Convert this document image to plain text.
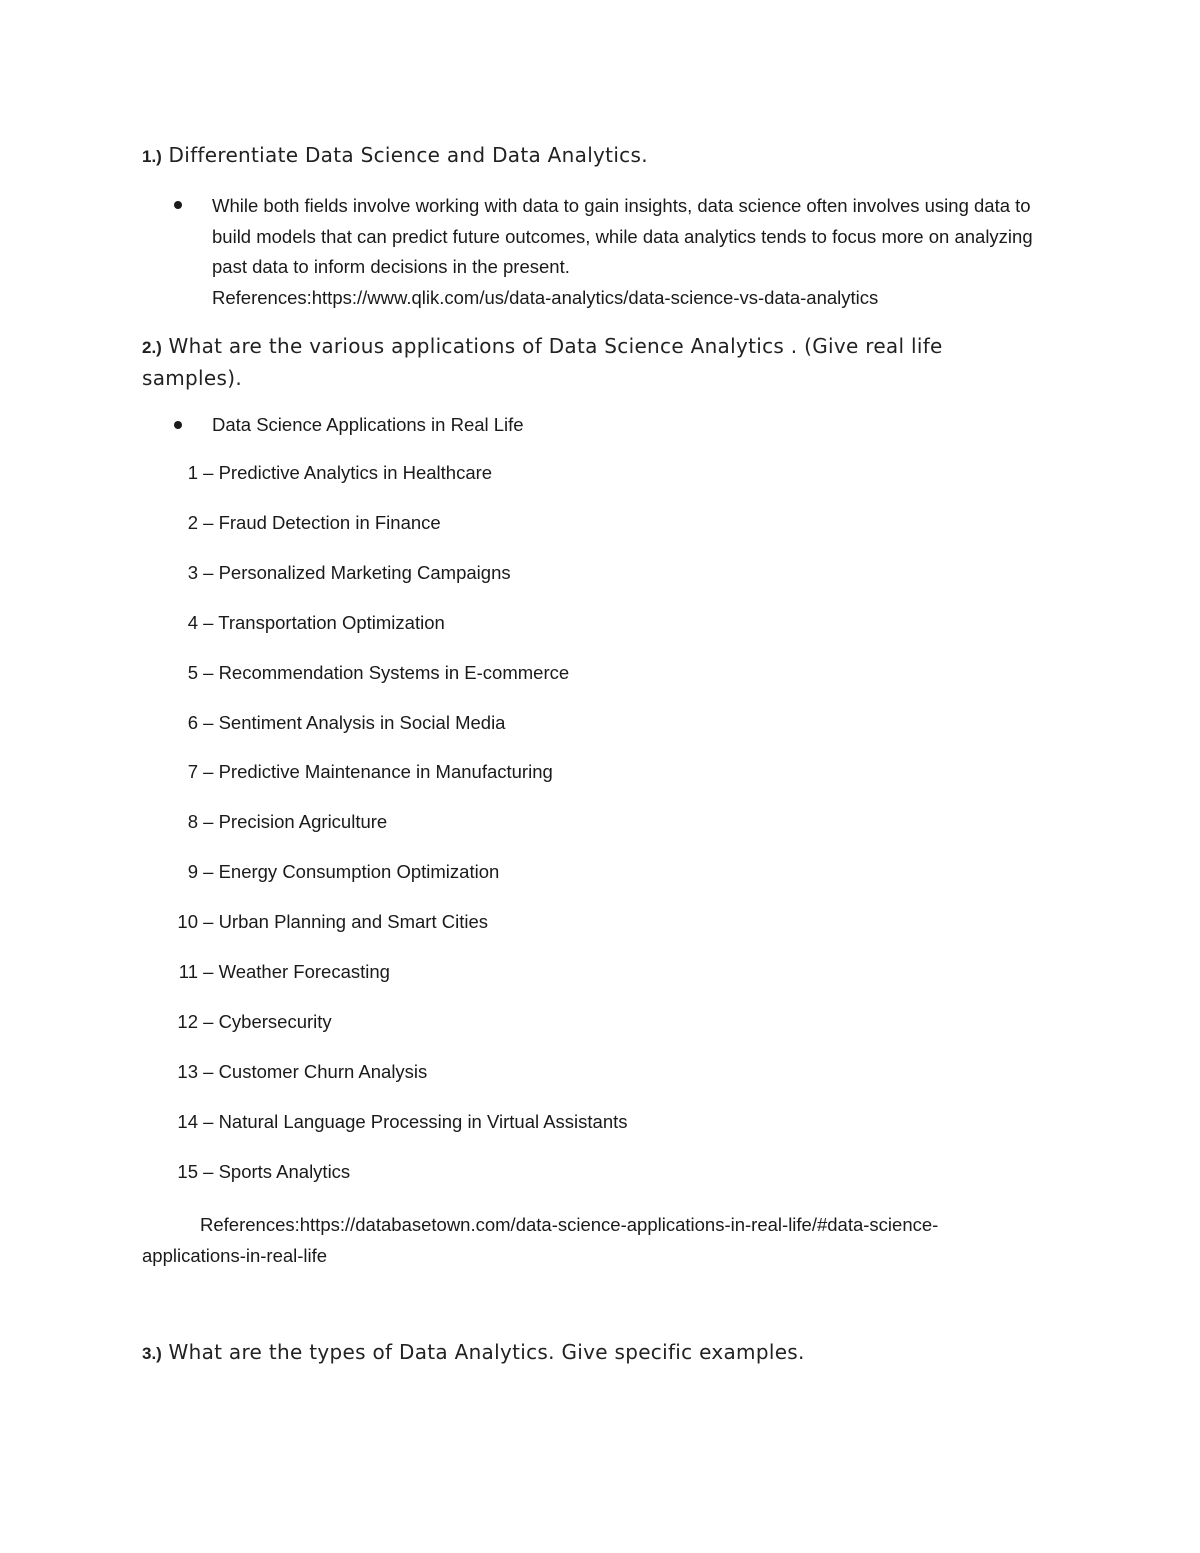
1.) Differentiate Data Science and Data Analytics.
While both fields involve working with data to gain insights, data science often involves using data to build models that can predict future outcomes, while data analytics tends to focus more on analyzing past data to inform decisions in the present.
References:https://www.qlik.com/us/data-analytics/data-science-vs-data-analytics
2.) What are the various applications of Data Science Analytics . (Give real life samples).
Data Science Applications in Real Life
1 – Predictive Analytics in Healthcare
2 – Fraud Detection in Finance
3 – Personalized Marketing Campaigns
4 – Transportation Optimization
5 – Recommendation Systems in E-commerce
6 – Sentiment Analysis in Social Media
7 – Predictive Maintenance in Manufacturing
8 – Precision Agriculture
9 – Energy Consumption Optimization
10 – Urban Planning and Smart Cities
11 – Weather Forecasting
12 – Cybersecurity
13 – Customer Churn Analysis
14 – Natural Language Processing in Virtual Assistants
15 – Sports Analytics
References:https://databasetown.com/data-science-applications-in-real-life/#data-science-applications-in-real-life
3.) What are the types of Data Analytics. Give specific examples.
